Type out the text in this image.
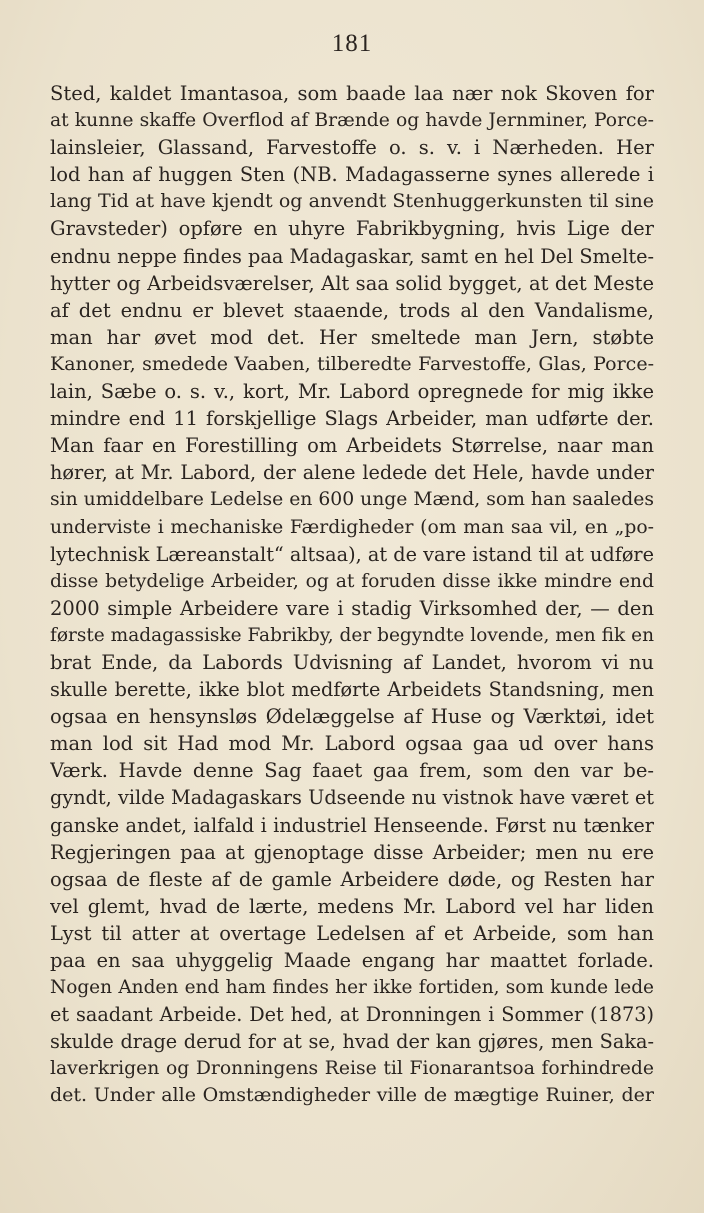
181
Sted, kaldet Imantasoa, som baade laa nær nok Skoven for
at kunne skaffe Overflod af Brænde og havde Jernminer, Porce-
lainsleier, Glassand, Farvestoffe o. s. v. i Nærheden. Her
lod han af huggen Sten (NB. Madagasserne synes allerede i
lang Tid at have kjendt og anvendt Stenhuggerkunsten til sine
Gravsteder) opføre en uhyre Fabrikbygning, hvis Lige der
endnu neppe findes paa Madagaskar, samt en hel Del Smelte-
hytter og Arbeidsværelser, Alt saa solid bygget, at det Meste
af det endnu er blevet staaende, trods al den Vandalisme,
man har øvet mod det. Her smeltede man Jern, støbte
Kanoner, smedede Vaaben, tilberedte Farvestoffe, Glas, Porce-
lain, Sæbe o. s. v., kort, Mr. Labord opregnede for mig ikke
mindre end 11 forskjellige Slags Arbeider, man udførte der.
Man faar en Forestilling om Arbeidets Størrelse, naar man
hører, at Mr. Labord, der alene ledede det Hele, havde under
sin umiddelbare Ledelse en 600 unge Mænd, som han saaledes
underviste i mechaniske Færdigheder (om man saa vil, en „po-
lytechnisk Læreanstalt“ altsaa), at de vare istand til at udføre
disse betydelige Arbeider, og at foruden disse ikke mindre end
2000 simple Arbeidere vare i stadig Virksomhed der, — den
første madagassiske Fabrikby, der begyndte lovende, men fik en
brat Ende, da Labords Udvisning af Landet, hvorom vi nu
skulle berette, ikke blot medførte Arbeidets Standsning, men
ogsaa en hensynsløs Ødelæggelse af Huse og Værktøi, idet
man lod sit Had mod Mr. Labord ogsaa gaa ud over hans
Værk. Havde denne Sag faaet gaa frem, som den var be-
gyndt, vilde Madagaskars Udseende nu vistnok have været et
ganske andet, ialfald i industriel Henseende. Først nu tænker
Regjeringen paa at gjenoptage disse Arbeider; men nu ere
ogsaa de fleste af de gamle Arbeidere døde, og Resten har
vel glemt, hvad de lærte, medens Mr. Labord vel har liden
Lyst til atter at overtage Ledelsen af et Arbeide, som han
paa en saa uhyggelig Maade engang har maattet forlade.
Nogen Anden end ham findes her ikke fortiden, som kunde lede
et saadant Arbeide. Det hed, at Dronningen i Sommer (1873)
skulde drage derud for at se, hvad der kan gjøres, men Saka-
laverkrigen og Dronningens Reise til Fionarantsoa forhindrede
det. Under alle Omstændigheder ville de mægtige Ruiner, der
